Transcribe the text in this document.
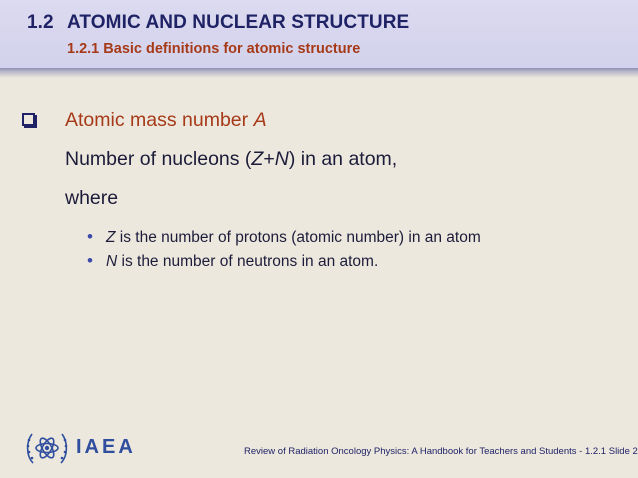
1.2 ATOMIC AND NUCLEAR STRUCTURE
1.2.1 Basic definitions for atomic structure
Atomic mass number A
Number of nucleons (Z+N) in an atom,
where
• Z is the number of protons (atomic number) in an atom
• N is the number of neutrons in an atom.
IAEA	Review of Radiation Oncology Physics: A Handbook for Teachers and Students - 1.2.1 Slide 2
